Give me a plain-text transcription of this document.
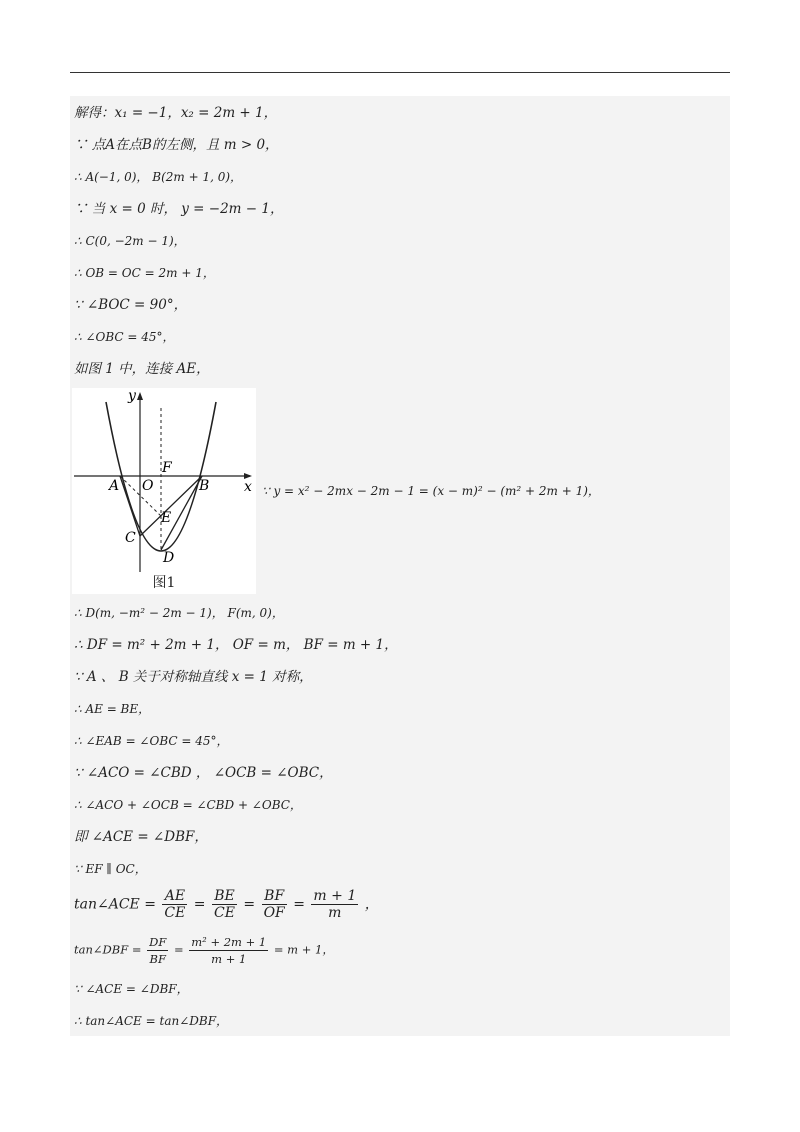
解得：x₁ = −1，x₂ = 2m + 1，
∵ 点A在点B的左侧，且 m > 0，
∴ A(−1, 0)， B(2m + 1, 0)，
∵ 当 x = 0 时， y = −2m − 1，
∴ C(0, −2m − 1)，
∴ OB = OC = 2m + 1，
∵ ∠BOC = 90°，
∴ ∠OBC = 45°，
如图 1 中，连接 AE，
y
x
A O
F
B
E
C
D
图1
∵ y = x² − 2mx − 2m − 1 = (x − m)² − (m² + 2m + 1)，
∴ D(m, −m² − 2m − 1)， F(m, 0)，
∴ DF = m² + 2m + 1， OF = m， BF = m + 1，
∵ A 、 B 关于对称轴直线 x = 1 对称，
∴ AE = BE，
∴ ∠EAB = ∠OBC = 45°，
∵ ∠ACO = ∠CBD ， ∠OCB = ∠OBC，
∴ ∠ACO + ∠OCB = ∠CBD + ∠OBC，
即 ∠ACE = ∠DBF，
∵ EF ∥ OC，
tan∠ACE = $\frac{AE}{CE} = \frac{BE}{CE} = \frac{BF}{OF} = \frac{m + 1}{m}$ ，
tan∠DBF = $\frac{DF}{BF} = \frac{\text{m² + 2m + 1}}{m + 1} = m + 1$，
∵ ∠ACE = ∠DBF，
∴ tan∠ACE = tan∠DBF，
